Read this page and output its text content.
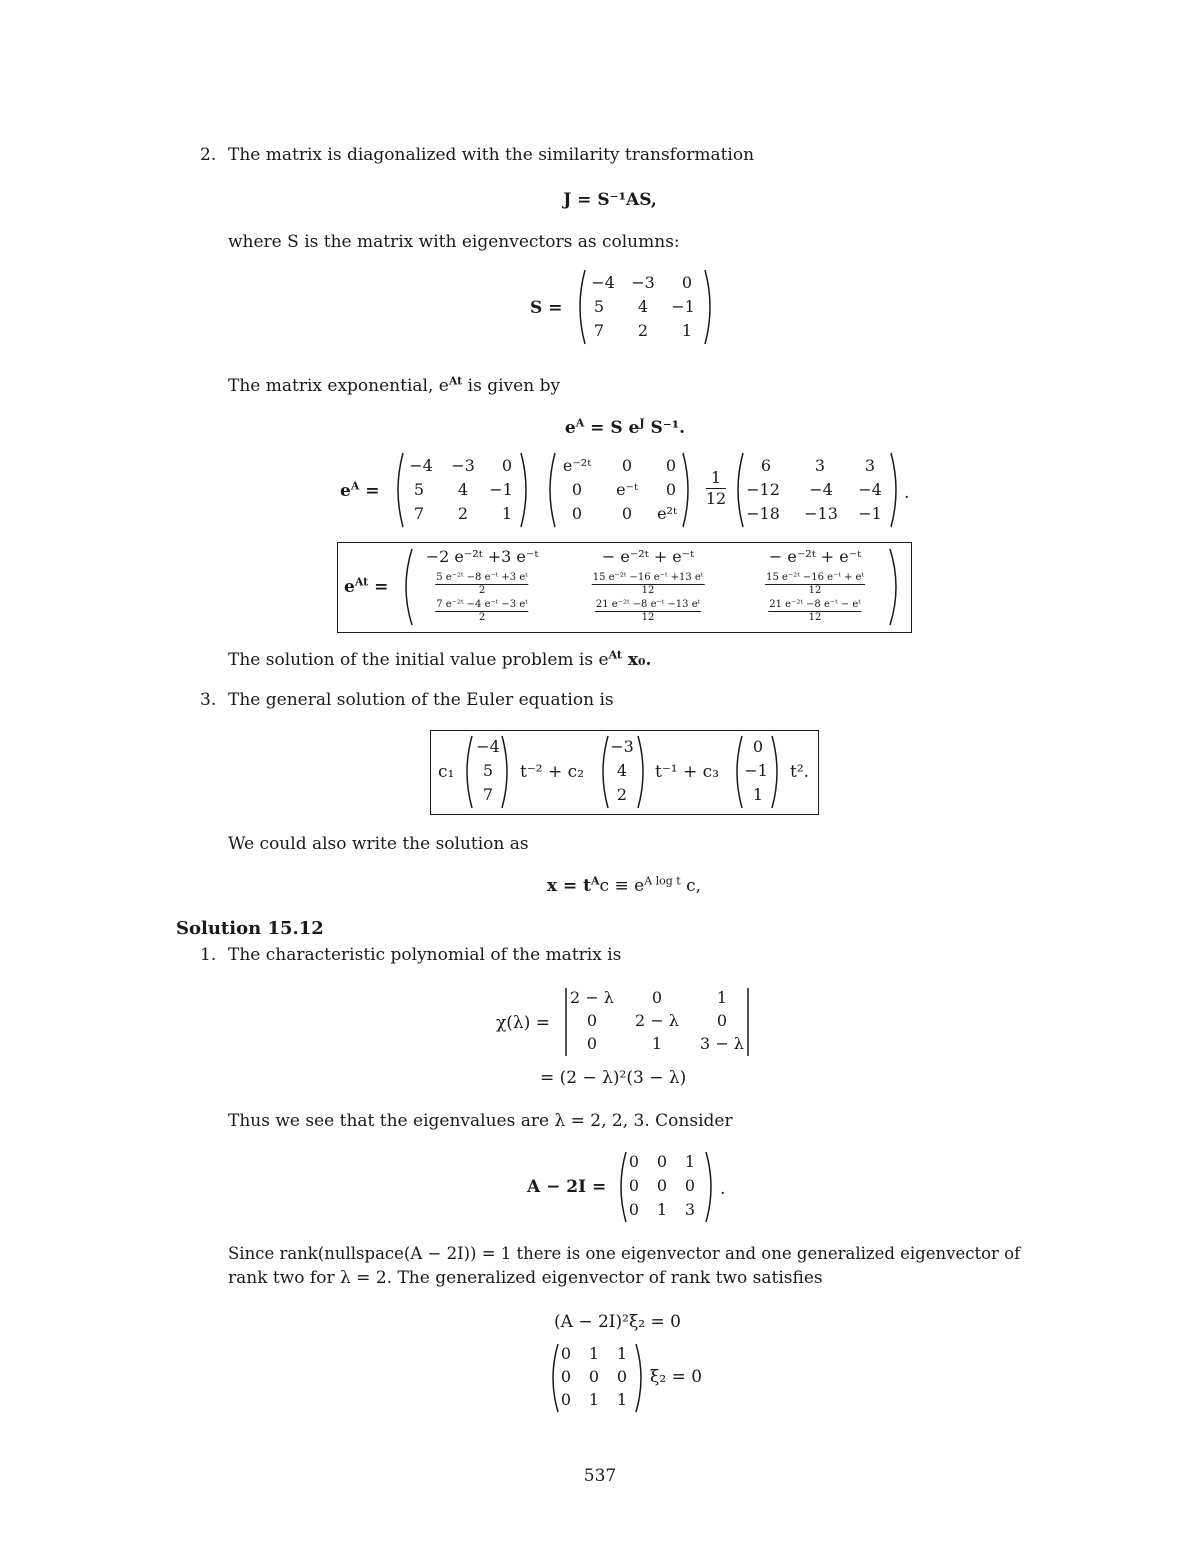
2. The matrix is diagonalized with the similarity transformation
J = S⁻¹AS,
where S is the matrix with eigenvectors as columns:
S =
−4 −3 0
5 4 −1
7 2 1
The matrix exponential, $e^{At}$ is given by
$e^A = S$ $e^J$ S⁻¹.
$e^A$ =
−4 −3 0
5 4 −1
7 2 1
e⁻²ᵗ 0 0
0 e⁻ᵗ 0
0 0 e²ᵗ
1
12
6	3 3
−12 −4 −4
−18 −13 −1
.
$e^{At}$ =
−2 e⁻²ᵗ +3 e⁻ᵗ	− e⁻²ᵗ + e⁻ᵗ	− e⁻²ᵗ + e⁻ᵗ
$\frac{\text{5 e⁻²ᵗ −8 e⁻ᵗ +3 eᵗ}}{2}$	$\frac{\text{15 e⁻²ᵗ −16 e⁻ᵗ +13 eᵗ}}{12}$	$\frac{\text{15 e⁻²ᵗ −16 e⁻ᵗ + eᵗ}}{12}$
$\frac{\text{7 e⁻²ᵗ −4 e⁻ᵗ −3 eᵗ}}{2}$	$\frac{\text{21 e⁻²ᵗ −8 e⁻ᵗ −13 eᵗ}}{12}$	$\frac{\text{21 e⁻²ᵗ −8 e⁻ᵗ − eᵗ}}{12}$
The solution of the initial value problem is $e^{At}$ x₀.
3. The general solution of the Euler equation is
c₁
−4
5
7
t⁻² + c₂
−3
4
2
t⁻¹ + c₃
0
−1
1
t².
We could also write the solution as
$x = t^Ac \equiv e^{A log t}$ c,
Solution 15.12
1. The characteristic polynomial of the matrix is
χ(λ) =
2 − λ 0	1
0 2 − λ 0
0	1 3 − λ
= (2 − λ)²(3 − λ)
Thus we see that the eigenvalues are λ = 2, 2, 3. Consider
A − 2I =
0 0 1
0 0 0
0 1 3
.
Since rank(nullspace(A − 2I)) = 1 there is one eigenvector and one generalized eigenvector of
rank two for λ = 2. The generalized eigenvector of rank two satisfies
(A − 2I)²ξ₂ = 0
0 1 1
0 0 0
0 1 1
ξ₂ = 0
537
